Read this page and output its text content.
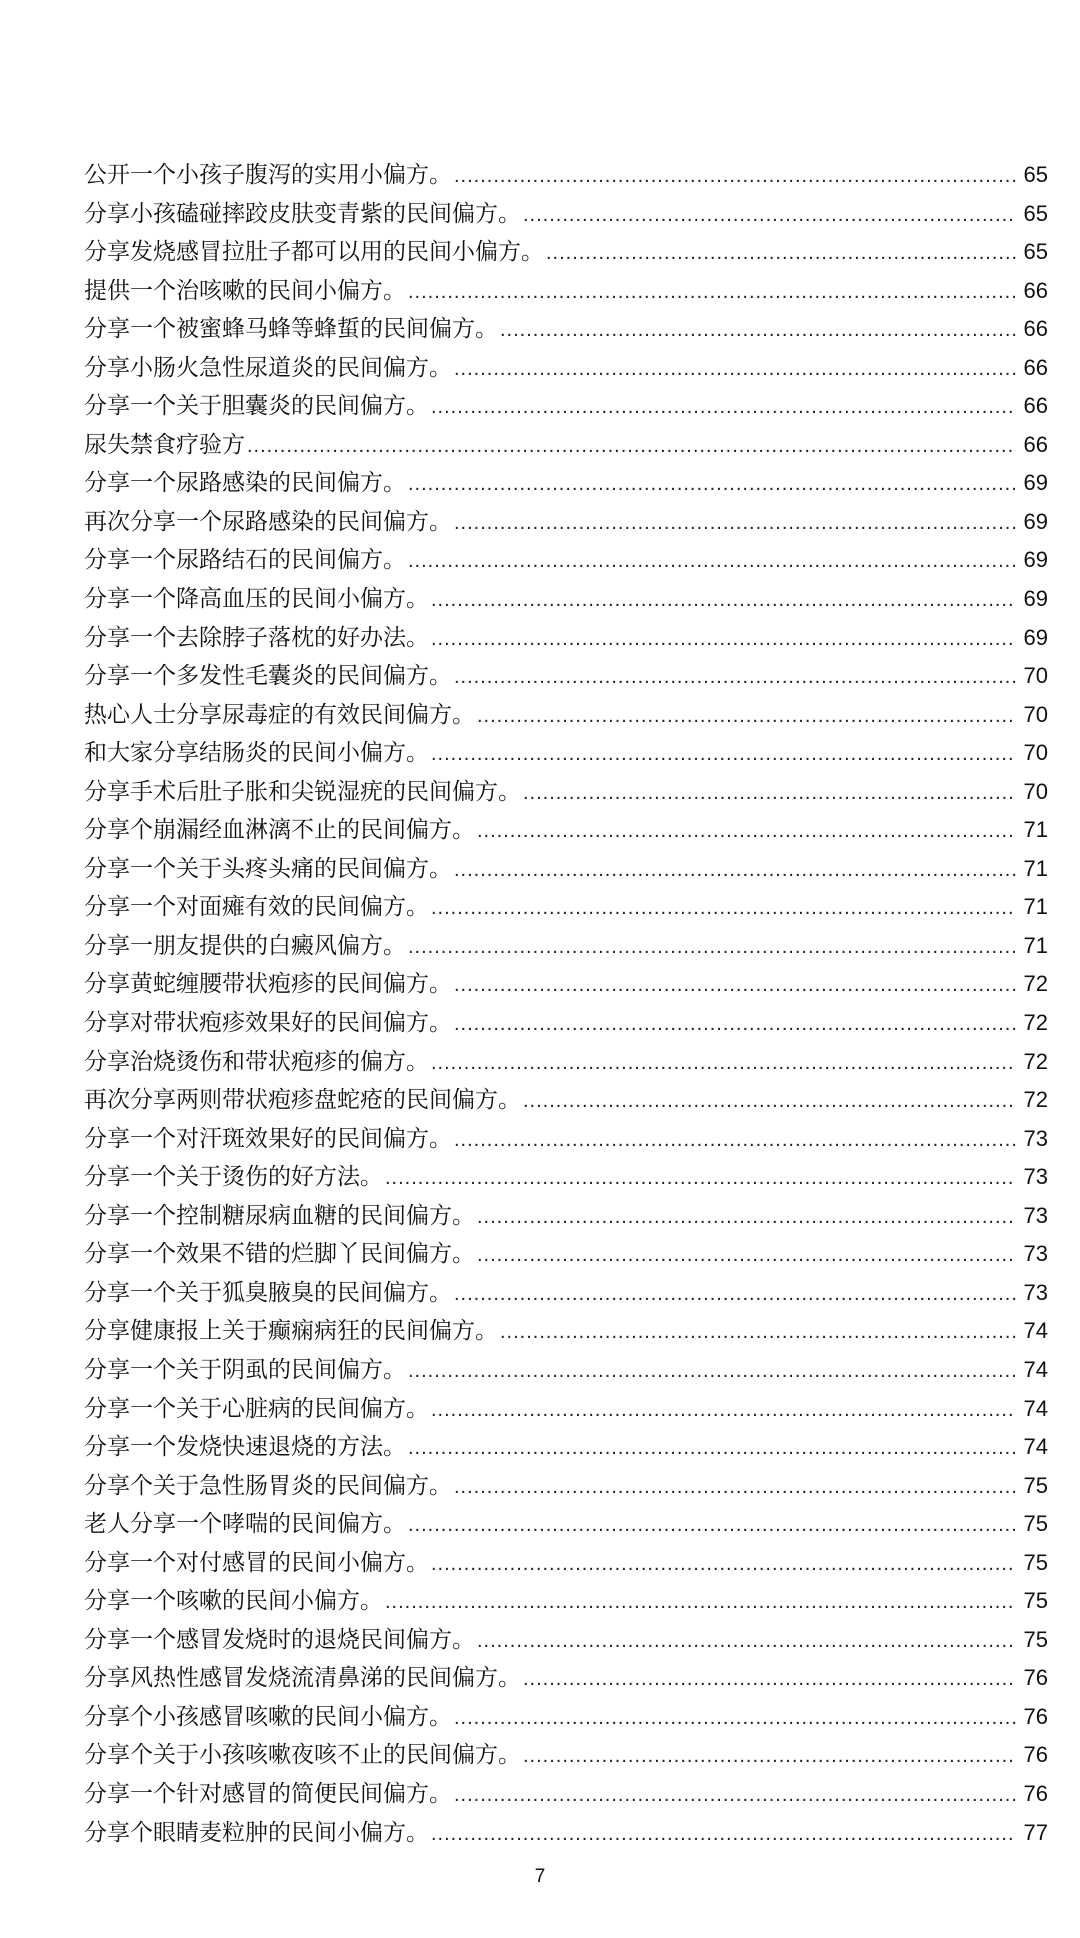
公开一个小孩子腹泻的实用小偏方。 .....	65
分享小孩磕碰摔跤皮肤变青紫的民间偏方。 .....	65
分享发烧感冒拉肚子都可以用的民间小偏方。 .....	65
提供一个治咳嗽的民间小偏方。 .....	66
分享一个被蜜蜂马蜂等蜂蜇的民间偏方。 .....	66
分享小肠火急性尿道炎的民间偏方。 .....	66
分享一个关于胆囊炎的民间偏方。 .....	66
尿失禁食疗验方 .....	66
分享一个尿路感染的民间偏方。 .....	69
再次分享一个尿路感染的民间偏方。 .....	69
分享一个尿路结石的民间偏方。 .....	69
分享一个降高血压的民间小偏方。 .....	69
分享一个去除脖子落枕的好办法。 .....	69
分享一个多发性毛囊炎的民间偏方。 .....	70
热心人士分享尿毒症的有效民间偏方。 .....	70
和大家分享结肠炎的民间小偏方。 .....	70
分享手术后肚子胀和尖锐湿疣的民间偏方。 .....	70
分享个崩漏经血淋漓不止的民间偏方。 .....	71
分享一个关于头疼头痛的民间偏方。 .....	71
分享一个对面瘫有效的民间偏方。 .....	71
分享一朋友提供的白癜风偏方。 .....	71
分享黄蛇缠腰带状疱疹的民间偏方。 .....	72
分享对带状疱疹效果好的民间偏方。 .....	72
分享治烧烫伤和带状疱疹的偏方。 .....	72
再次分享两则带状疱疹盘蛇疮的民间偏方。 .....	72
分享一个对汗斑效果好的民间偏方。 .....	73
分享一个关于烫伤的好方法。 .....	73
分享一个控制糖尿病血糖的民间偏方。 .....	73
分享一个效果不错的烂脚丫民间偏方。 .....	73
分享一个关于狐臭腋臭的民间偏方。 .....	73
分享健康报上关于癫痫病狂的民间偏方。 .....	74
分享一个关于阴虱的民间偏方。 .....	74
分享一个关于心脏病的民间偏方。 .....	74
分享一个发烧快速退烧的方法。 .....	74
分享个关于急性肠胃炎的民间偏方。 .....	75
老人分享一个哮喘的民间偏方。 .....	75
分享一个对付感冒的民间小偏方。 .....	75
分享一个咳嗽的民间小偏方。 .....	75
分享一个感冒发烧时的退烧民间偏方。 .....	75
分享风热性感冒发烧流清鼻涕的民间偏方。 .....	76
分享个小孩感冒咳嗽的民间小偏方。 .....	76
分享个关于小孩咳嗽夜咳不止的民间偏方。 .....	76
分享一个针对感冒的简便民间偏方。 .....	76
分享个眼睛麦粒肿的民间小偏方。 .....	77
7
